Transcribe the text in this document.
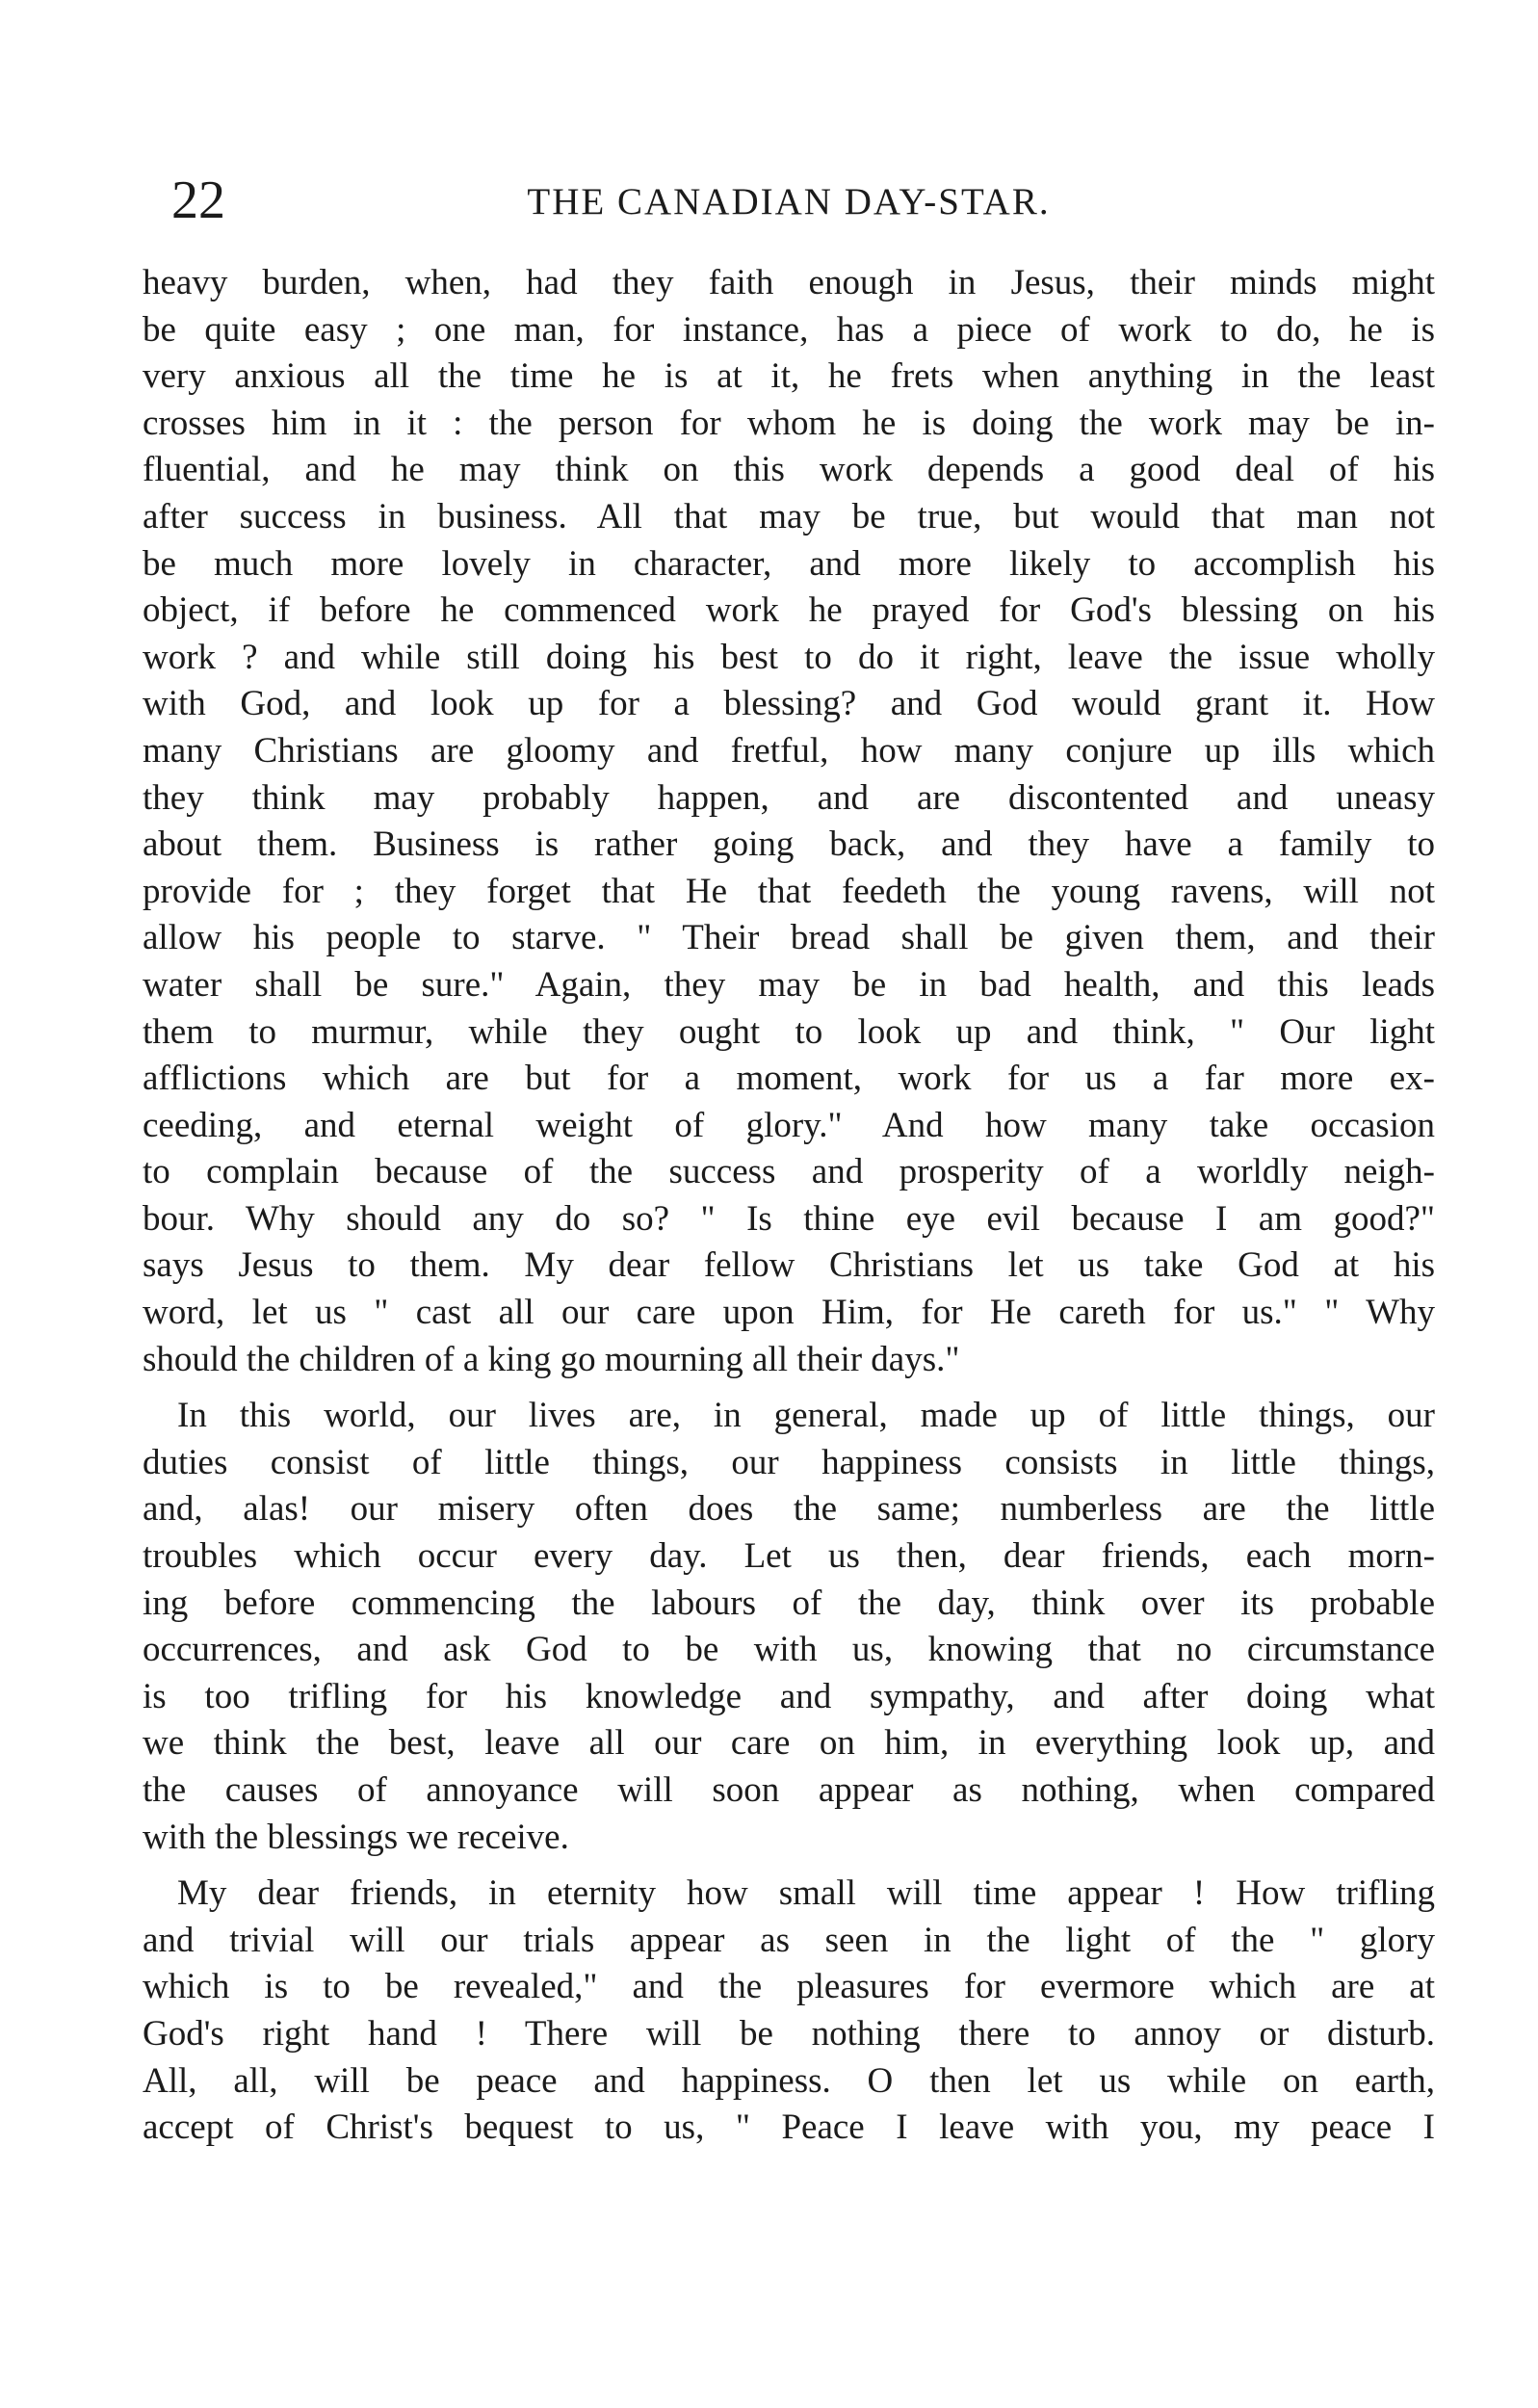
22	THE CANADIAN DAY-STAR.

heavy burden, when, had they faith enough in Jesus, their minds might
be quite easy ; one man, for instance, has a piece of work to do, he is
very anxious all the time he is at it, he frets when anything in the least
crosses him in it : the person for whom he is doing the work may be in-
fluential, and he may think on this work depends a good deal of his
after success in business. All that may be true, but would that man not
be much more lovely in character, and more likely to accomplish his
object, if before he commenced work he prayed for God's blessing on his
work ? and while still doing his best to do it right, leave the issue wholly
with God, and look up for a blessing? and God would grant it. How
many Christians are gloomy and fretful, how many conjure up ills which
they think may probably happen, and are discontented and uneasy
about them. Business is rather going back, and they have a family to
provide for ; they forget that He that feedeth the young ravens, will not
allow his people to starve. " Their bread shall be given them, and their
water shall be sure." Again, they may be in bad health, and this leads
them to murmur, while they ought to look up and think, " Our light
afflictions which are but for a moment, work for us a far more ex-
ceeding, and eternal weight of glory." And how many take occasion
to complain because of the success and prosperity of a worldly neigh-
bour. Why should any do so? " Is thine eye evil because I am good?"
says Jesus to them. My dear fellow Christians let us take God at his
word, let us " cast all our care upon Him, for He careth for us." " Why
should the children of a king go mourning all their days."

In this world, our lives are, in general, made up of little things, our
duties consist of little things, our happiness consists in little things,
and, alas! our misery often does the same; numberless are the little
troubles which occur every day. Let us then, dear friends, each morn-
ing before commencing the labours of the day, think over its probable
occurrences, and ask God to be with us, knowing that no circumstance
is too trifling for his knowledge and sympathy, and after doing what
we think the best, leave all our care on him, in everything look up, and
the causes of annoyance will soon appear as nothing, when compared
with the blessings we receive.

My dear friends, in eternity how small will time appear ! How trifling
and trivial will our trials appear as seen in the light of the " glory
which is to be revealed," and the pleasures for evermore which are at
God's right hand ! There will be nothing there to annoy or disturb.
All, all, will be peace and happiness. O then let us while on earth,
accept of Christ's bequest to us, " Peace I leave with you, my peace I
